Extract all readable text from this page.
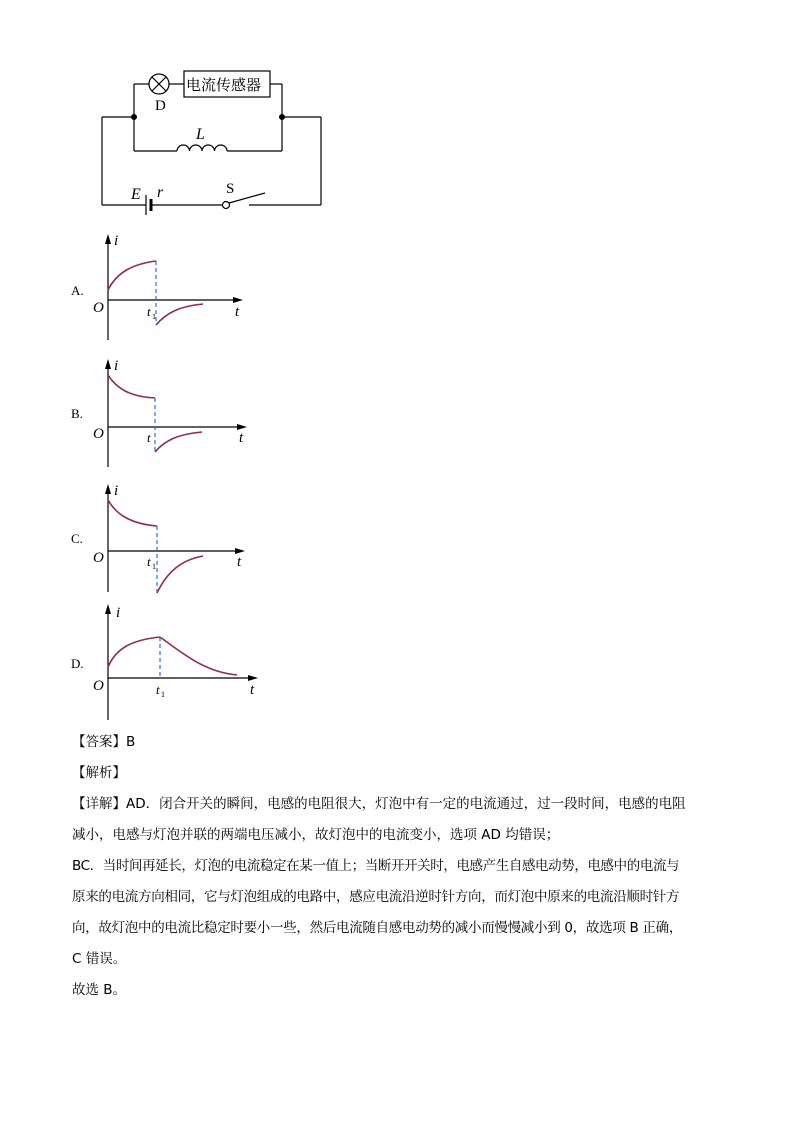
电流传感器
D
L
E r	S
A.
i
t
O	t 1
B.
i
t
O	t
C.
i
t
O	t 1
D.
i
t
O	t 1
【答案】B
【解析】
【详解】AD．闭合开关的瞬间，电感的电阻很大，灯泡中有一定的电流通过，过一段时间，电感的电阻
减小，电感与灯泡并联的两端电压减小，故灯泡中的电流变小，选项 AD 均错误；
BC．当时间再延长，灯泡的电流稳定在某一值上；当断开开关时，电感产生自感电动势，电感中的电流与
原来的电流方向相同，它与灯泡组成的电路中，感应电流沿逆时针方向，而灯泡中原来的电流沿顺时针方
向，故灯泡中的电流比稳定时要小一些，然后电流随自感电动势的减小而慢慢减小到 0，故选项 B 正确，
C 错误。
故选 B。
